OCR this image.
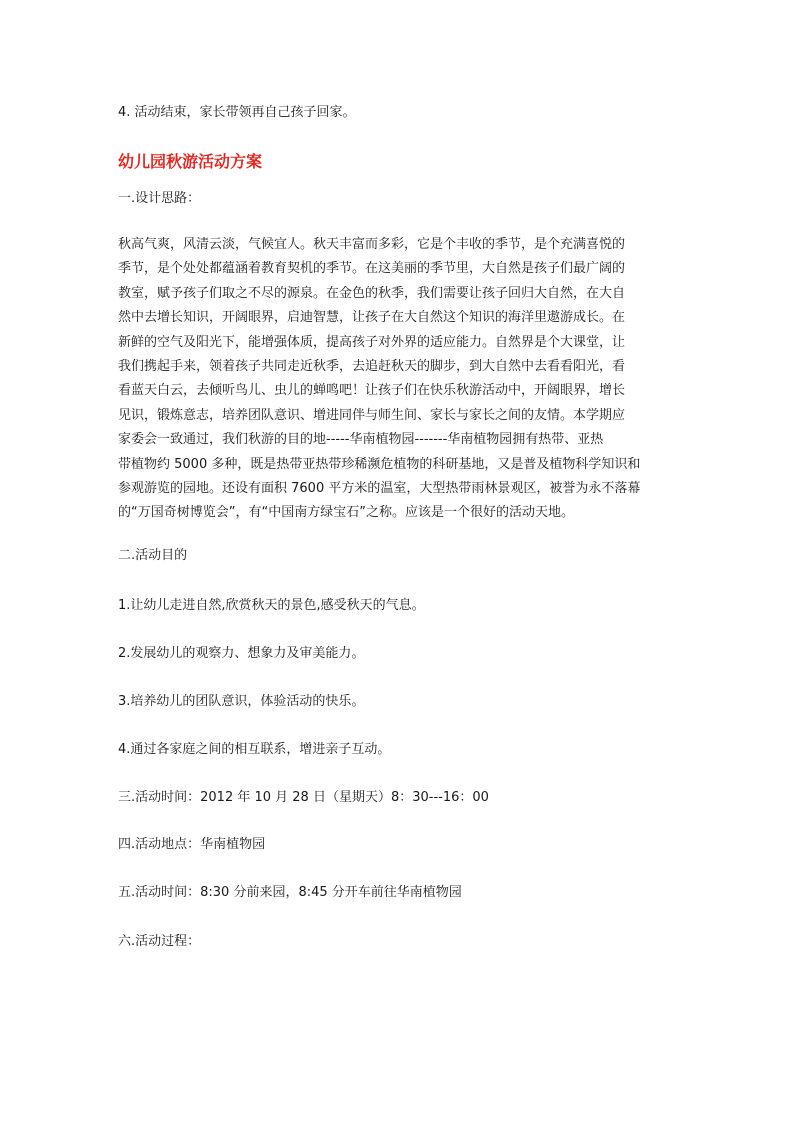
4. 活动结束，家长带领再自己孩子回家。

幼儿园秋游活动方案

一.设计思路：

秋高气爽，风清云淡，气候宜人。秋天丰富而多彩，它是个丰收的季节，是个充满喜悦的
季节，是个处处都蕴涵着教育契机的季节。在这美丽的季节里，大自然是孩子们最广阔的
教室，赋予孩子们取之不尽的源泉。在金色的秋季，我们需要让孩子回归大自然，在大自
然中去增长知识，开阔眼界，启迪智慧，让孩子在大自然这个知识的海洋里遨游成长。在
新鲜的空气及阳光下，能增强体质，提高孩子对外界的适应能力。自然界是个大课堂，让
我们携起手来，领着孩子共同走近秋季，去追赶秋天的脚步，到大自然中去看看阳光，看
看蓝天白云，去倾听鸟儿、虫儿的蝉鸣吧！让孩子们在快乐秋游活动中，开阔眼界，增长
见识，锻炼意志，培养团队意识、增进同伴与师生间、家长与家长之间的友情。本学期应
家委会一致通过，我们秋游的目的地-----华南植物园-------华南植物园拥有热带、亚热
带植物约 5000 多种，既是热带亚热带珍稀濒危植物的科研基地，又是普及植物科学知识和
参观游览的园地。还设有面积 7600 平方米的温室，大型热带雨林景观区，被誉为永不落幕
的“万国奇树博览会”，有“中国南方绿宝石”之称。应该是一个很好的活动天地。

二.活动目的

1.让幼儿走进自然,欣赏秋天的景色,感受秋天的气息。

2.发展幼儿的观察力、想象力及审美能力。

3.培养幼儿的团队意识，体验活动的快乐。

4.通过各家庭之间的相互联系，增进亲子互动。

三.活动时间：2012 年 10 月 28 日（星期天）8：30---16：00

四.活动地点：华南植物园

五.活动时间：8:30 分前来园，8:45 分开车前往华南植物园

六.活动过程：
